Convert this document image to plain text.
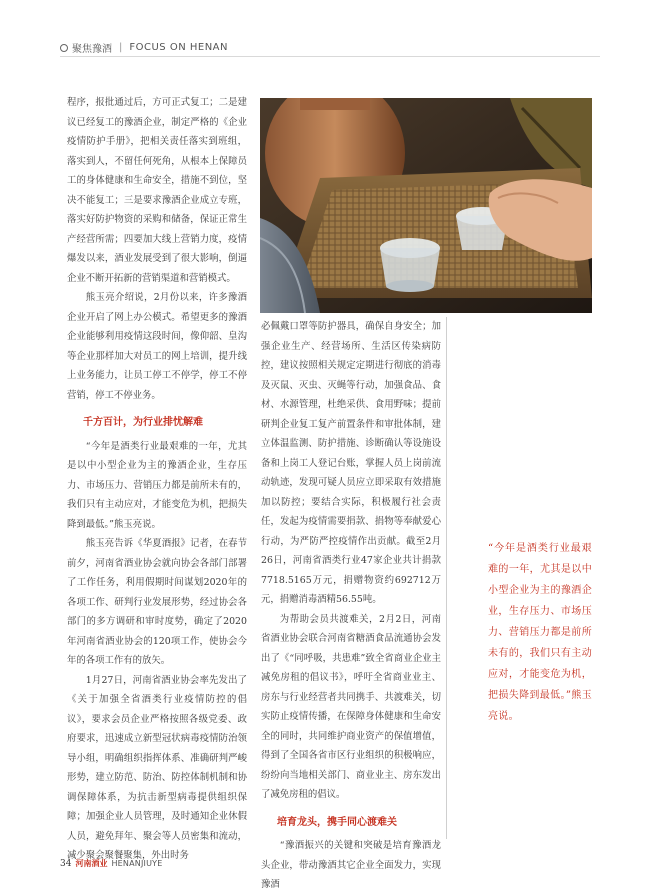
聚焦豫酒 | FOCUS ON HENAN

程序，报批通过后，方可正式复工；二是建议已经复工的豫酒企业，制定严格的《企业疫情防护手册》，把相关责任落实到班组，落实到人，不留任何死角，从根本上保障员工的身体健康和生命安全，措施不到位，坚决不能复工；三是要求豫酒企业成立专班，落实好防护物资的采购和储备，保证正常生产经营所需；四要加大线上营销力度，疫情爆发以来，酒业发展受到了很大影响，倒逼企业不断开拓新的营销渠道和营销模式。

熊玉亮介绍说，2月份以来，许多豫酒企业开启了网上办公模式。希望更多的豫酒企业能够利用疫情这段时间，像仰韶、皇沟等企业那样加大对员工的网上培训，提升线上业务能力，让员工停工不停学，停工不停营销，停工不停业务。

千方百计，为行业排忧解难

“今年是酒类行业最艰难的一年，尤其是以中小型企业为主的豫酒企业，生存压力、市场压力、营销压力都是前所未有的，我们只有主动应对，才能变危为机，把损失降到最低。”熊玉亮说。

熊玉亮告诉《华夏酒报》记者，在春节前夕，河南省酒业协会就向协会各部门部署了工作任务，利用假期时间谋划2020年的各项工作、研判行业发展形势，经过协会各部门的多方调研和审时度势，确定了2020年河南省酒业协会的120项工作，使协会今年的各项工作有的放矢。

1月27日，河南省酒业协会率先发出了《关于加强全省酒类行业疫情防控的倡议》，要求会员企业严格按照各级党委、政府要求，迅速成立新型冠状病毒疫情防治领导小组，明确组织指挥体系、准确研判严峻形势，建立防范、防治、防控体制机制和协调保障体系，为抗击新型病毒提供组织保障；加强企业人员管理，及时通知企业休假人员，避免拜年、聚会等人员密集和流动，减少聚会聚餐聚集，外出时务

必佩戴口罩等防护器具，确保自身安全；加强企业生产、经营场所、生活区传染病防控，建议按照相关规定定期进行彻底的消毒及灭鼠、灭虫、灭蝇等行动，加强食品、食材、水源管理，杜绝采供、食用野味；提前研判企业复工复产前置条件和审批体制，建立体温监测、防护措施、诊断确认等设施设备和上岗工人登记台账，掌握人员上岗前流动轨迹，发现可疑人员应立即采取有效措施加以防控；要结合实际，积极履行社会责任，发起为疫情需要捐款、捐物等奉献爱心行动，为严防严控疫情作出贡献。截至2月26日，河南省酒类行业47家企业共计捐款7718.5165万元，捐赠物资约692712万元，捐赠消毒酒精56.55吨。

为帮助会员共渡难关，2月2日，河南省酒业协会联合河南省糖酒食品流通协会发出了《“同呼吸，共患难”致全省商业企业主减免房租的倡议书》，呼吁全省商业业主、房东与行业经营者共同携手、共渡难关，切实防止疫情传播，在保障身体健康和生命安全的同时，共同维护商业资产的保值增值，得到了全国各省市区行业组织的积极响应，纷纷向当地相关部门、商业业主、房东发出了减免房租的倡议。

培育龙头，携手同心渡难关

“豫酒振兴的关键和突破是培育豫酒龙头企业，带动豫酒其它企业全面发力，实现豫酒

“今年是酒类行业最艰难的一年，尤其是以中小型企业为主的豫酒企业，生存压力、市场压力、营销压力都是前所未有的，我们只有主动应对，才能变危为机，把损失降到最低。”熊玉亮说。
34 河南酒业 HENANJIUYE
